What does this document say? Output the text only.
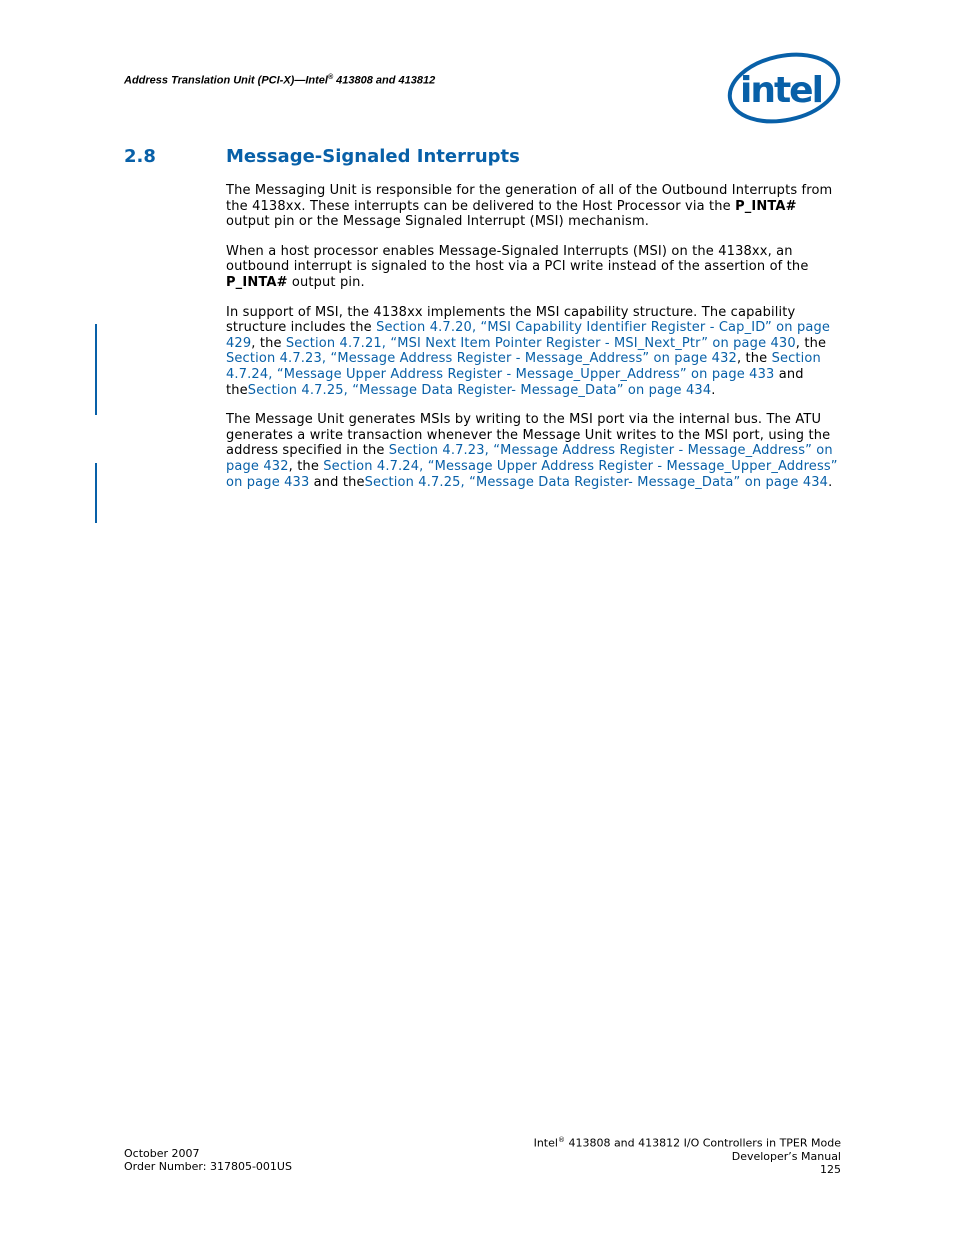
Address Translation Unit (PCI-X)—Intel® 413808 and 413812	intel
2.8	Message-Signaled Interrupts

The Messaging Unit is responsible for the generation of all of the Outbound Interrupts from the 4138xx. These interrupts can be delivered to the Host Processor via the P_INTA# output pin or the Message Signaled Interrupt (MSI) mechanism.

When a host processor enables Message-Signaled Interrupts (MSI) on the 4138xx, an outbound interrupt is signaled to the host via a PCI write instead of the assertion of the P_INTA# output pin.

In support of MSI, the 4138xx implements the MSI capability structure. The capability structure includes the Section 4.7.20, “MSI Capability Identifier Register - Cap_ID” on page 429, the Section 4.7.21, “MSI Next Item Pointer Register - MSI_Next_Ptr” on page 430, the Section 4.7.23, “Message Address Register - Message_Address” on page 432, the Section 4.7.24, “Message Upper Address Register - Message_Upper_Address” on page 433 and theSection 4.7.25, “Message Data Register- Message_Data” on page 434.

The Message Unit generates MSIs by writing to the MSI port via the internal bus. The ATU generates a write transaction whenever the Message Unit writes to the MSI port, using the address specified in the Section 4.7.23, “Message Address Register - Message_Address” on page 432, the Section 4.7.24, “Message Upper Address Register - Message_Upper_Address” on page 433 and theSection 4.7.25, “Message Data Register- Message_Data” on page 434.

October 2007
Order Number: 317805-001US
Intel® 413808 and 413812 I/O Controllers in TPER Mode
Developer’s Manual
125
